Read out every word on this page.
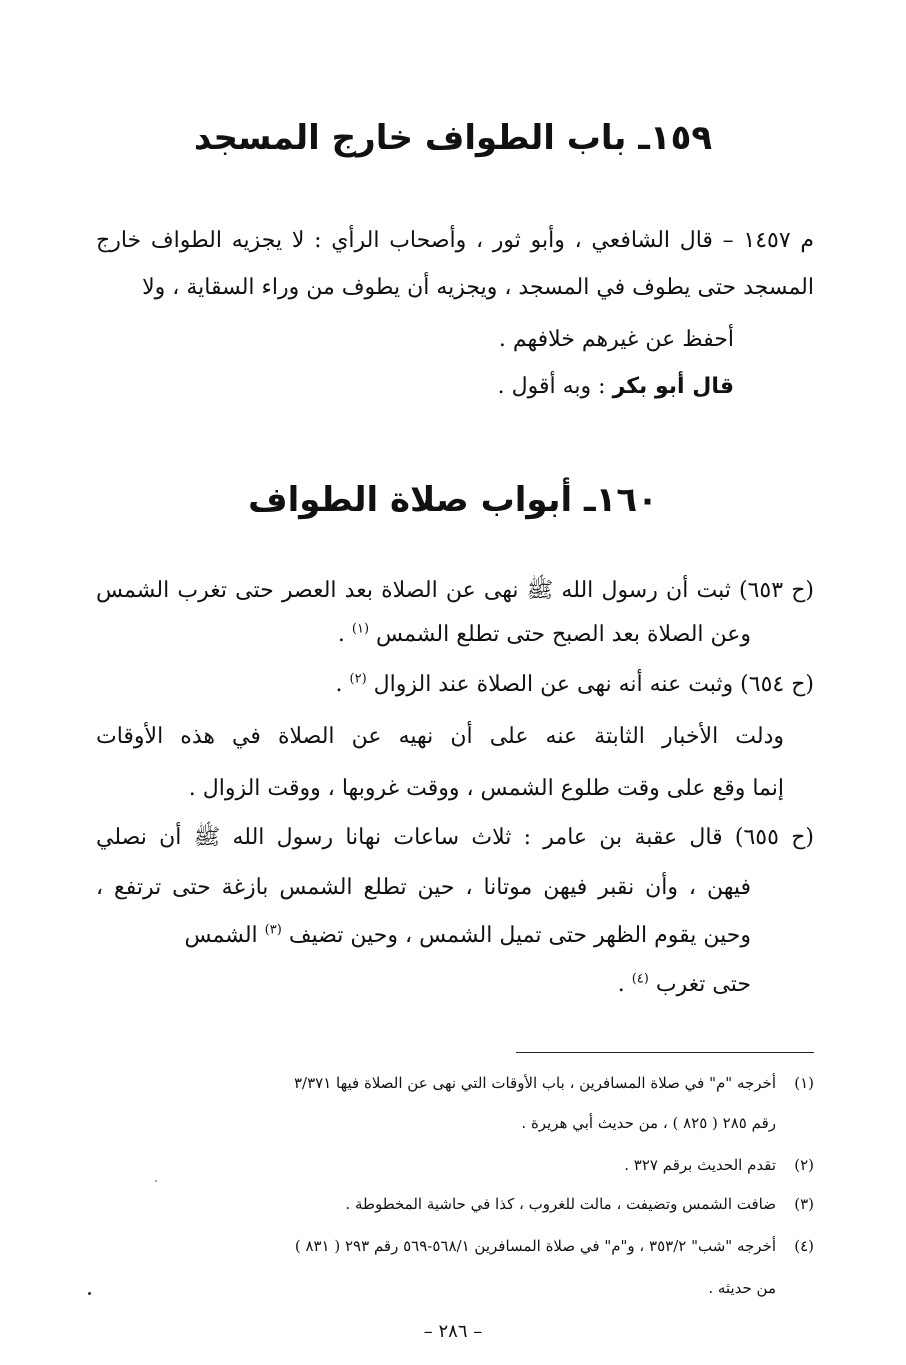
١٥٩ـ باب الطواف خارج المسجد

م ١٤٥٧ – قال الشافعي ، وأبو ثور ، وأصحاب الرأي : لا يجزيه الطواف خارج

المسجد حتى يطوف في المسجد ، ويجزيه أن يطوف من وراء السقاية ، ولا

أحفظ عن غيرهم خلافهم .

قال أبو بكر : وبه أقول .

١٦٠ـ أبواب صلاة الطواف

(ح ٦٥٣) ثبت أن رسول الله ﷺ نهى عن الصلاة بعد العصر حتى تغرب الشمس

وعن الصلاة بعد الصبح حتى تطلع الشمس $^{(١)}$ .

(ح ٦٥٤) وثبت عنه أنه نهى عن الصلاة عند الزوال $^{(٢)}$ .

ودلت الأخبار الثابتة عنه على أن نهيه عن الصلاة في هذه الأوقات

إنما وقع على وقت طلوع الشمس ، ووقت غروبها ، ووقت الزوال .

(ح ٦٥٥) قال عقبة بن عامر : ثلاث ساعات نهانا رسول الله ﷺ أن نصلي

فيهن ، وأن نقبر فيهن موتانا ، حين تطلع الشمس بازغة حتى ترتفع ،

وحين يقوم الظهر حتى تميل الشمس ، وحين تضيف $^{(٣)}$ الشمس

حتى تغرب $^{(٤)}$ .

(١)أخرجه "م" في صلاة المسافرين ، باب الأوقات التي نهى عن الصلاة فيها ٣/٣٧١

رقم ٢٨٥ ( ٨٢٥ ) ، من حديث أبي هريرة .

(٢)تقدم الحديث برقم ٣٢٧ .

(٣)ضافت الشمس وتضيفت ، مالت للغروب ، كذا في حاشية المخطوطة .

(٤)أخرجه "شب" ٣٥٣/٢ ، و"م" في صلاة المسافرين ٥٦٨/١-٥٦٩ رقم ٢٩٣ ( ٨٣١ )

من حديثه .

– ٢٨٦ –
